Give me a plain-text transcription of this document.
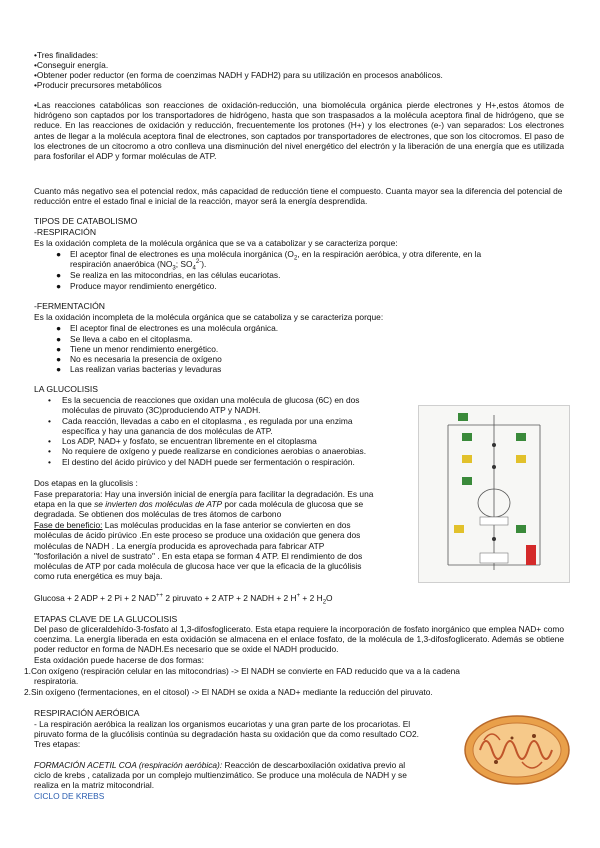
•Tres finalidades:
•Conseguir energía.
•Obtener poder reductor (en forma de coenzimas NADH y FADH2) para su utilización en procesos anabólicos.
•Producir precursores metabólicos
•Las reacciones catabólicas son reacciones de oxidación-reducción, una biomolécula orgánica pierde electrones y H+,estos átomos de hidrógeno son captados por los transportadores de hidrógeno, hasta que son traspasados a la molécula aceptora final de hidrógeno, que se reduce. En las reacciones de oxidación y reducción, frecuentemente los protones (H+) y los electrones (e-) van separados: Los electrones antes de llegar a la molécula aceptora final de electrones, son captados por transportadores de electrones, que son los citocromos. El paso de los electrones de un citocromo a otro conlleva una disminución del nivel energético del electrón y la liberación de una energía que es utilizada para fosforilar el ADP y formar moléculas de ATP.
Cuanto más negativo sea el potencial redox, más capacidad de reducción tiene el compuesto. Cuanta mayor sea la diferencia del potencial de reducción entre el estado final e inicial de la reacción, mayor será la energía desprendida.
TIPOS DE CATABOLISMO
-RESPIRACIÓN
Es la oxidación completa de la molécula orgánica que se va a catabolizar y se caracteriza porque:
● El aceptor final de electrones es una molécula inorgánica ($O_2$, en la respiración aeróbica, y otra diferente, en la
respiración anaeróbica ($NO_3$; $SO_4^{2-}$).
● Se realiza en las mitocondrias, en las células eucariotas.
● Produce mayor rendimiento energético.
-FERMENTACIÓN
Es la oxidación incompleta de la molécula orgánica que se cataboliza y se caracteriza porque:
● El aceptor final de electrones es una molécula orgánica.
● Se lleva a cabo en el citoplasma.
● Tiene un menor rendimiento energético.
● No es necesaria la presencia de oxígeno
● Las realizan varias bacterias y levaduras
LA GLUCOLISIS
• Es la secuencia de reacciones que oxidan una molécula de glucosa (6C) en dos
moléculas de piruvato (3C)produciendo ATP y NADH.
• Cada reacción, llevadas a cabo en el citoplasma , es regulada por una enzima
específica y hay una ganancia de dos moléculas de ATP.
• Los ADP, NAD+ y fosfato, se encuentran libremente en el citoplasma
• No requiere de oxígeno y puede realizarse en condiciones aerobias o anaerobias.
• El destino del ácido pirúvico y del NADH puede ser fermentación o respiración.
Dos etapas en la glucolisis :
Fase preparatoria: Hay una inversión inicial de energía para facilitar la degradación. Es una
etapa en la que se invierten dos moléculas de ATP por cada molécula de glucosa que se
degradada. Se obtienen dos moléculas de tres átomos de carbono
Fase de beneficio: Las moléculas producidas en la fase anterior se convierten en dos
moléculas de ácido pirúvico .En este proceso se produce una oxidación que genera dos
moléculas de NADH . La energía producida es aprovechada para fabricar ATP
"fosforilación a nivel de sustrato" . En esta etapa se forman 4 ATP. El rendimiento de dos
moléculas de ATP por cada molécula de glucosa hace ver que la eficacia de la glucólisis
como ruta energética es muy baja.
Glucosa + 2 ADP + 2 Pi + 2 NAD++ 2 piruvato + 2 ATP + 2 NADH + 2 H+ + 2 $H_2O$
ETAPAS CLAVE DE LA GLUCOLISIS
Del paso de gliceraldehído-3-fosfato al 1,3-difosfoglicerato. Esta etapa requiere la incorporación de fosfato inorgánico que emplea NAD+ como coenzima. La energía liberada en esta oxidación se almacena en el enlace fosfato, de la molécula de 1,3-difosfoglicerato. Además se obtiene poder reductor en forma de NADH.Es necesario que se oxide el NADH producido.
Esta oxidación puede hacerse de dos formas:
1.Con oxígeno (respiración celular en las mitocondrias) -> El NADH se convierte en FAD reducido que va a la cadena
respiratoria.
2.Sin oxígeno (fermentaciones, en el citosol) -> El NADH se oxida a NAD+ mediante la reducción del piruvato.
RESPIRACIÓN AERÓBICA
- La respiración aeróbica la realizan los organismos eucariotas y una gran parte de los procariotas. El
piruvato forma de la glucólisis continúa su degradación hasta su oxidación que da como resultado CO2.
Tres etapas:
FORMACIÓN ACETIL COA (respiración aeróbica): Reacción de descarboxilación oxidativa previo al
ciclo de krebs , catalizada por un complejo multienzimático. Se produce una molécula de NADH y se
realiza en la matriz mitocondrial.
CICLO DE KREBS
